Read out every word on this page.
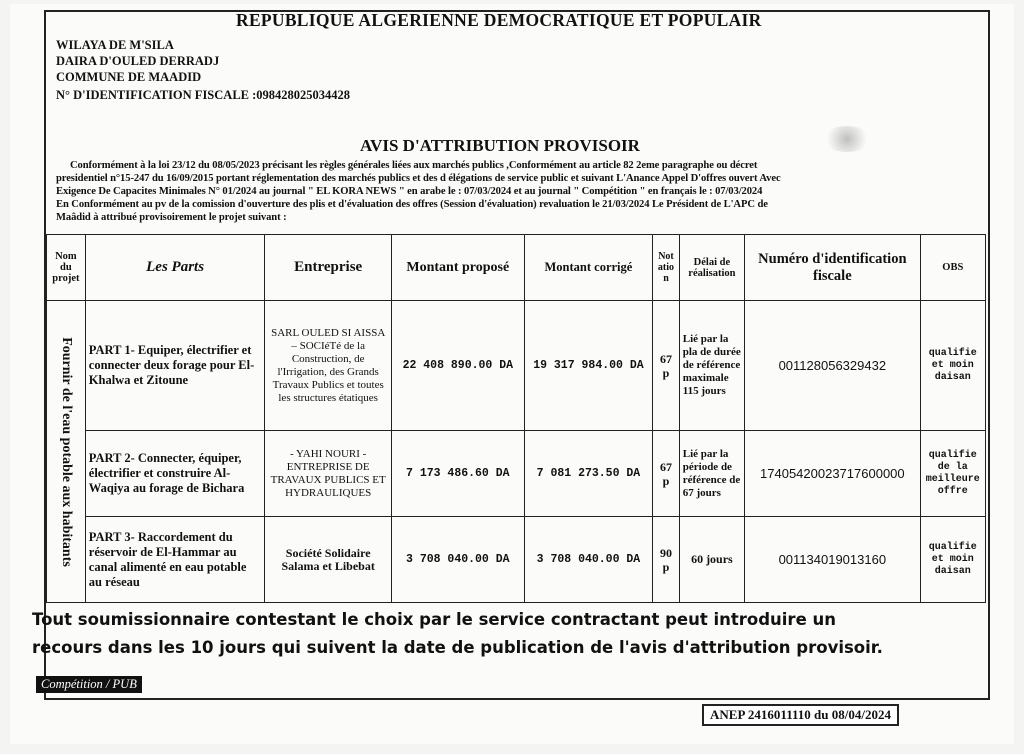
REPUBLIQUE ALGERIENNE DEMOCRATIQUE ET POPULAIR
WILAYA DE M'SILA
DAIRA D'OULED DERRADJ
COMMUNE DE MAADID
N° D'IDENTIFICATION FISCALE :098428025034428
AVIS D'ATTRIBUTION PROVISOIR
Conformément à la loi 23/12 du 08/05/2023 précisant les règles générales liées aux marchés publics ,Conformément au article 82 2eme paragraphe ou décret
presidentiel n°15-247 du 16/09/2015 portant réglementation des marchés publics et des d élégations de service public et suivant L'Anance Appel D'offres ouvert Avec
Exigence De Capacites Minimales N° 01/2024 au journal " EL KORA NEWS " en arabe le : 07/03/2024 et au journal " Compétition " en français le : 07/03/2024
En Conformément au pv de la comission d'ouverture des plis et d'évaluation des offres (Session d'évaluation) revaluation le 21/03/2024 Le Président de L'APC de
Maâdid à attribué provisoirement le projet suivant :
Nom du projet	Les Parts	Entreprise	Montant proposé	Montant corrigé	Notation	Délai de réalisation	Numéro d'identification fiscale	OBS

Fournir de l'eau potable aux habitants	PART 1- Equiper, électrifier et connecter deux forage pour El- Khalwa et Zitoune	SARL OULED SI AISSA – SOCIéTé de la Construction, de l'Irrigation, des Grands Travaux Publics et toutes les structures étatiques	22 408 890.00 DA	19 317 984.00 DA	67 p	Lié par la pla de durée de référence maximale 115 jours	001128056329432	qualifie et moin daisan
	PART 2- Connecter, équiper, électrifier et construire Al-Waqiya au forage de Bichara	- YAHI NOURI -ENTREPRISE DE TRAVAUX PUBLICS ET HYDRAULIQUES	7 173 486.60 DA	7 081 273.50 DA	67 p	Lié par la période de référence de 67 jours	17405420023717600000	qualifie de la meilleure offre
	PART 3- Raccordement du réservoir de El-Hammar au canal alimenté en eau potable au réseau	Société Solidaire Salama et Libebat	3 708 040.00 DA	3 708 040.00 DA	90 p	60 jours	001134019013160	qualifie et moin daisan
Tout soumissionnaire contestant le choix par le service contractant peut introduire un
recours dans les 10 jours qui suivent la date de publication de l'avis d'attribution provisoir.
Compétition / PUB
ANEP 2416011110 du 08/04/2024
